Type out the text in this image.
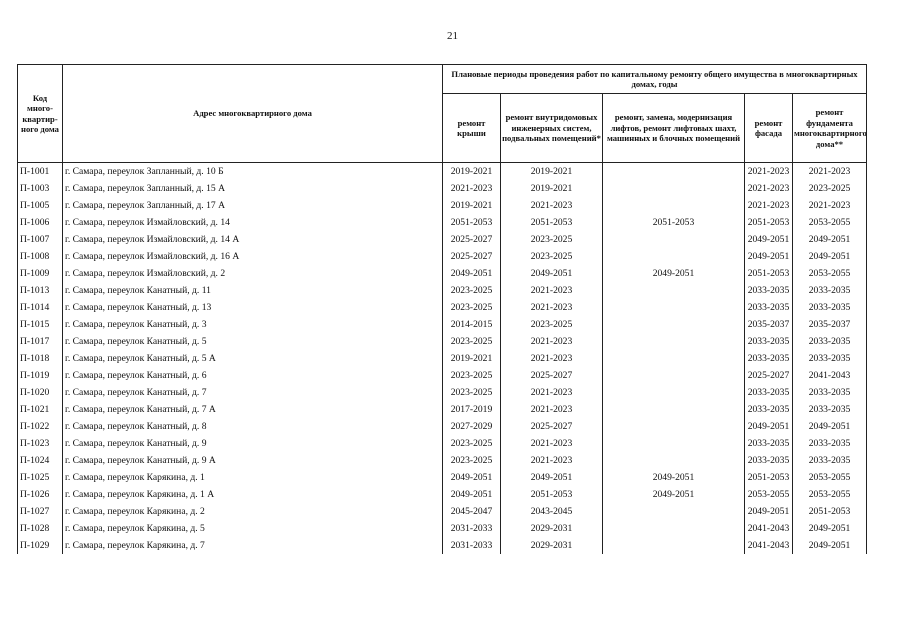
21
Код много-квартир-ного дома	Адрес многоквартирного дома	Плановые периоды проведения работ по капитальному ремонту общего имущества в многоквартирных домах, годы				
		ремонт крыши	ремонт внутридомовых инженерных систем, подвальных помещений*	ремонт, замена, модернизация лифтов, ремонт лифтовых шахт, машинных и блочных помещений	ремонт фасада	ремонт фундамента многоквартирного дома**
П-1001	г. Самара, переулок Запланный, д. 10 Б	2019-2021	2019-2021		2021-2023	2021-2023
П-1003	г. Самара, переулок Запланный, д. 15 А	2021-2023	2019-2021		2021-2023	2023-2025
П-1005	г. Самара, переулок Запланный, д. 17 А	2019-2021	2021-2023		2021-2023	2021-2023
П-1006	г. Самара, переулок Измайловский, д. 14	2051-2053	2051-2053	2051-2053	2051-2053	2053-2055
П-1007	г. Самара, переулок Измайловский, д. 14 А	2025-2027	2023-2025		2049-2051	2049-2051
П-1008	г. Самара, переулок Измайловский, д. 16 А	2025-2027	2023-2025		2049-2051	2049-2051
П-1009	г. Самара, переулок Измайловский, д. 2	2049-2051	2049-2051	2049-2051	2051-2053	2053-2055
П-1013	г. Самара, переулок Канатный, д. 11	2023-2025	2021-2023		2033-2035	2033-2035
П-1014	г. Самара, переулок Канатный, д. 13	2023-2025	2021-2023		2033-2035	2033-2035
П-1015	г. Самара, переулок Канатный, д. 3	2014-2015	2023-2025		2035-2037	2035-2037
П-1017	г. Самара, переулок Канатный, д. 5	2023-2025	2021-2023		2033-2035	2033-2035
П-1018	г. Самара, переулок Канатный, д. 5 А	2019-2021	2021-2023		2033-2035	2033-2035
П-1019	г. Самара, переулок Канатный, д. 6	2023-2025	2025-2027		2025-2027	2041-2043
П-1020	г. Самара, переулок Канатный, д. 7	2023-2025	2021-2023		2033-2035	2033-2035
П-1021	г. Самара, переулок Канатный, д. 7 А	2017-2019	2021-2023		2033-2035	2033-2035
П-1022	г. Самара, переулок Канатный, д. 8	2027-2029	2025-2027		2049-2051	2049-2051
П-1023	г. Самара, переулок Канатный, д. 9	2023-2025	2021-2023		2033-2035	2033-2035
П-1024	г. Самара, переулок Канатный, д. 9 А	2023-2025	2021-2023		2033-2035	2033-2035
П-1025	г. Самара, переулок Карякина, д. 1	2049-2051	2049-2051	2049-2051	2051-2053	2053-2055
П-1026	г. Самара, переулок Карякина, д. 1 А	2049-2051	2051-2053	2049-2051	2053-2055	2053-2055
П-1027	г. Самара, переулок Карякина, д. 2	2045-2047	2043-2045		2049-2051	2051-2053
П-1028	г. Самара, переулок Карякина, д. 5	2031-2033	2029-2031		2041-2043	2049-2051
П-1029	г. Самара, переулок Карякина, д. 7	2031-2033	2029-2031		2041-2043	2049-2051
